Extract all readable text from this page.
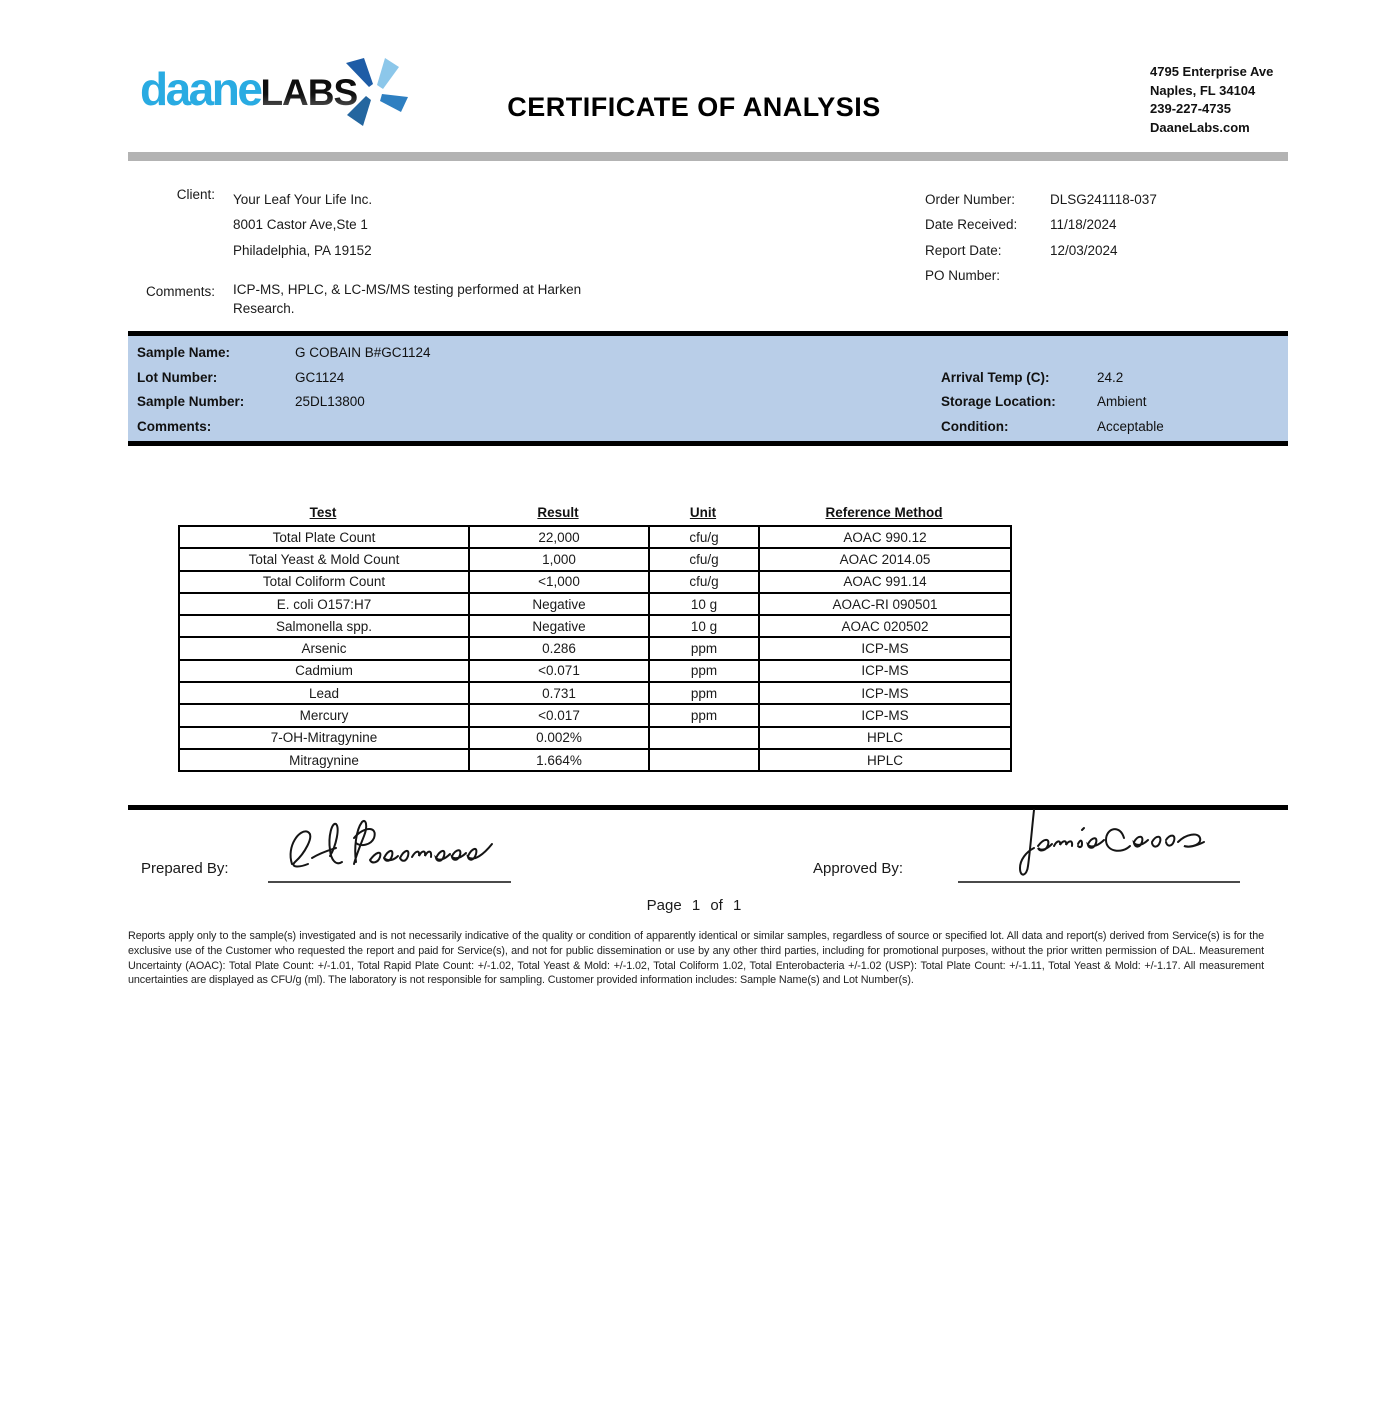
daaneLABS	CERTIFICATE OF ANALYSIS
4795 Enterprise Ave
Naples, FL 34104
239-227-4735
DaaneLabs.com
Client: Your Leaf Your Life Inc.
8001 Castor Ave,Ste 1
Philadelphia, PA 19152
Comments: ICP-MS, HPLC, & LC-MS/MS testing performed at Harken Research.
Order Number:	DLSG241118-037
Date Received: 11/18/2024
Report Date:	12/03/2024
PO Number:
Sample Name:	G COBAIN B#GC1124
Lot Number:	GC1124
Sample Number:	25DL13800
Comments:
Arrival Temp (C):	24.2
Storage Location:	Ambient
Condition:	Acceptable
Test	Result	Unit	Reference Method
Total Plate Count	22,000	cfu/g	AOAC 990.12
Total Yeast & Mold Count	1,000	cfu/g	AOAC 2014.05
Total Coliform Count	<1,000	cfu/g	AOAC 991.14
E. coli O157:H7	Negative	10 g	AOAC-RI 090501
Salmonella spp.	Negative	10 g	AOAC 020502
Arsenic	0.286	ppm	ICP-MS
Cadmium	<0.071	ppm	ICP-MS
Lead	0.731	ppm	ICP-MS
Mercury	<0.017	ppm	ICP-MS
7-OH-Mitragynine	0.002%		HPLC
Mitragynine	1.664%		HPLC
Prepared By:	Approved By:
Page 1 of 1
Reports apply only to the sample(s) investigated and is not necessarily indicative of the quality or condition of apparently identical or similar samples, regardless of source or specified lot. All data and report(s) derived from Service(s) is for the exclusive use of the Customer who requested the report and paid for Service(s), and not for public dissemination or use by any other third parties, including for promotional purposes, without the prior written permission of DAL. Measurement Uncertainty (AOAC): Total Plate Count: +/-1.01, Total Rapid Plate Count: +/-1.02, Total Yeast & Mold: +/-1.02, Total Coliform 1.02, Total Enterobacteria +/-1.02 (USP): Total Plate Count: +/-1.11, Total Yeast & Mold: +/-1.17. All measurement uncertainties are displayed as CFU/g (ml). The laboratory is not responsible for sampling. Customer provided information includes: Sample Name(s) and Lot Number(s).
